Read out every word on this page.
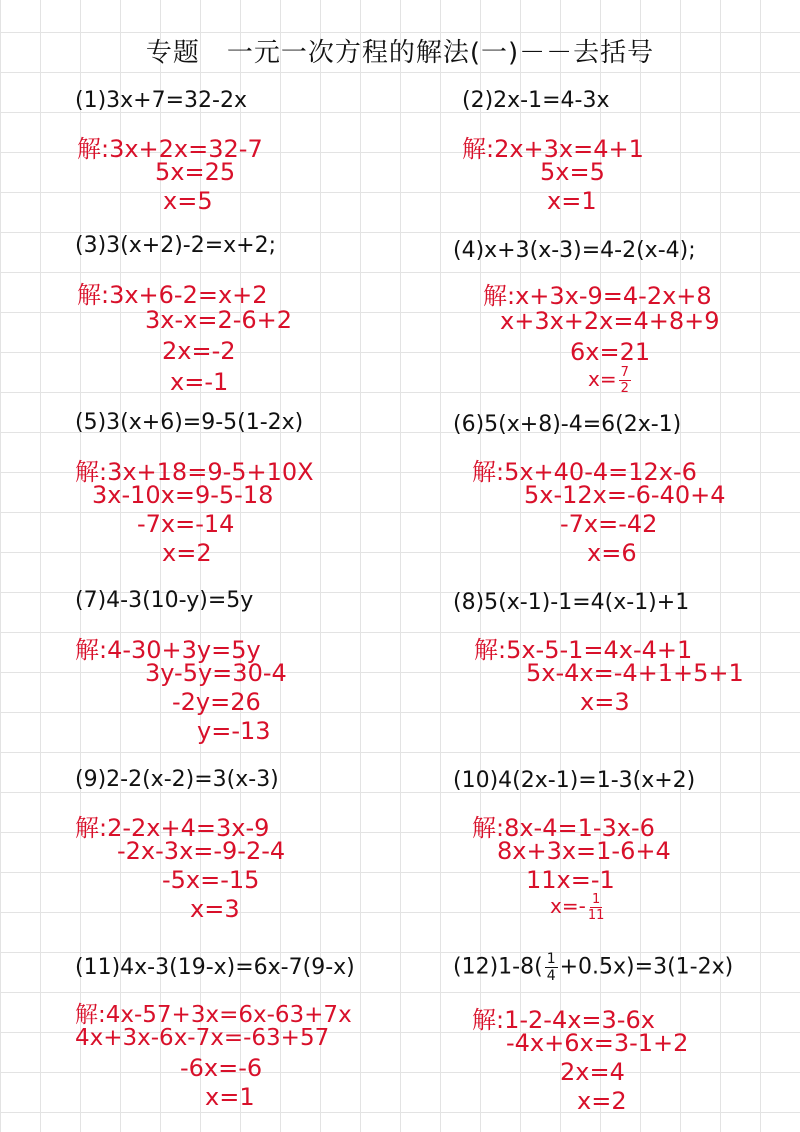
专题　一元一次方程的解法(一)－－去括号
(1)3x+7=32-2x
解:3x+2x=32-7
5x=25
x=5
(2)2x-1=4-3x
解:2x+3x=4+1
5x=5
x=1
(3)3(x+2)-2=x+2;
解:3x+6-2=x+2
3x-x=2-6+2
2x=-2
x=-1
(4)x+3(x-3)=4-2(x-4);
解:x+3x-9=4-2x+8
x+3x+2x=4+8+9
6x=21
$x= \frac{7}{2}$
(5)3(x+6)=9-5(1-2x)
解:3x+18=9-5+10X
3x-10x=9-5-18
-7x=-14
x=2
(6)5(x+8)-4=6(2x-1)
解:5x+40-4=12x-6
5x-12x=-6-40+4
-7x=-42
x=6
(7)4-3(10-y)=5y
解:4-30+3y=5y
3y-5y=30-4
-2y=26
y=-13
(8)5(x-1)-1=4(x-1)+1
解:5x-5-1=4x-4+1
5x-4x=-4+1+5+1
x=3
(9)2-2(x-2)=3(x-3)
解:2-2x+4=3x-9
-2x-3x=-9-2-4
-5x=-15
x=3
(10)4(2x-1)=1-3(x+2)
解:8x-4=1-3x-6
8x+3x=1-6+4
11x=-1
$x=- \frac{1}{11}$
(11)4x-3(19-x)=6x-7(9-x)
解:4x-57+3x=6x-63+7x
4x+3x-6x-7x=-63+57
-6x=-6
x=1
$(12)1-8( \frac{1}{4} +0.5x)=3(1-2x)$
解:1-2-4x=3-6x
-4x+6x=3-1+2
2x=4
x=2
